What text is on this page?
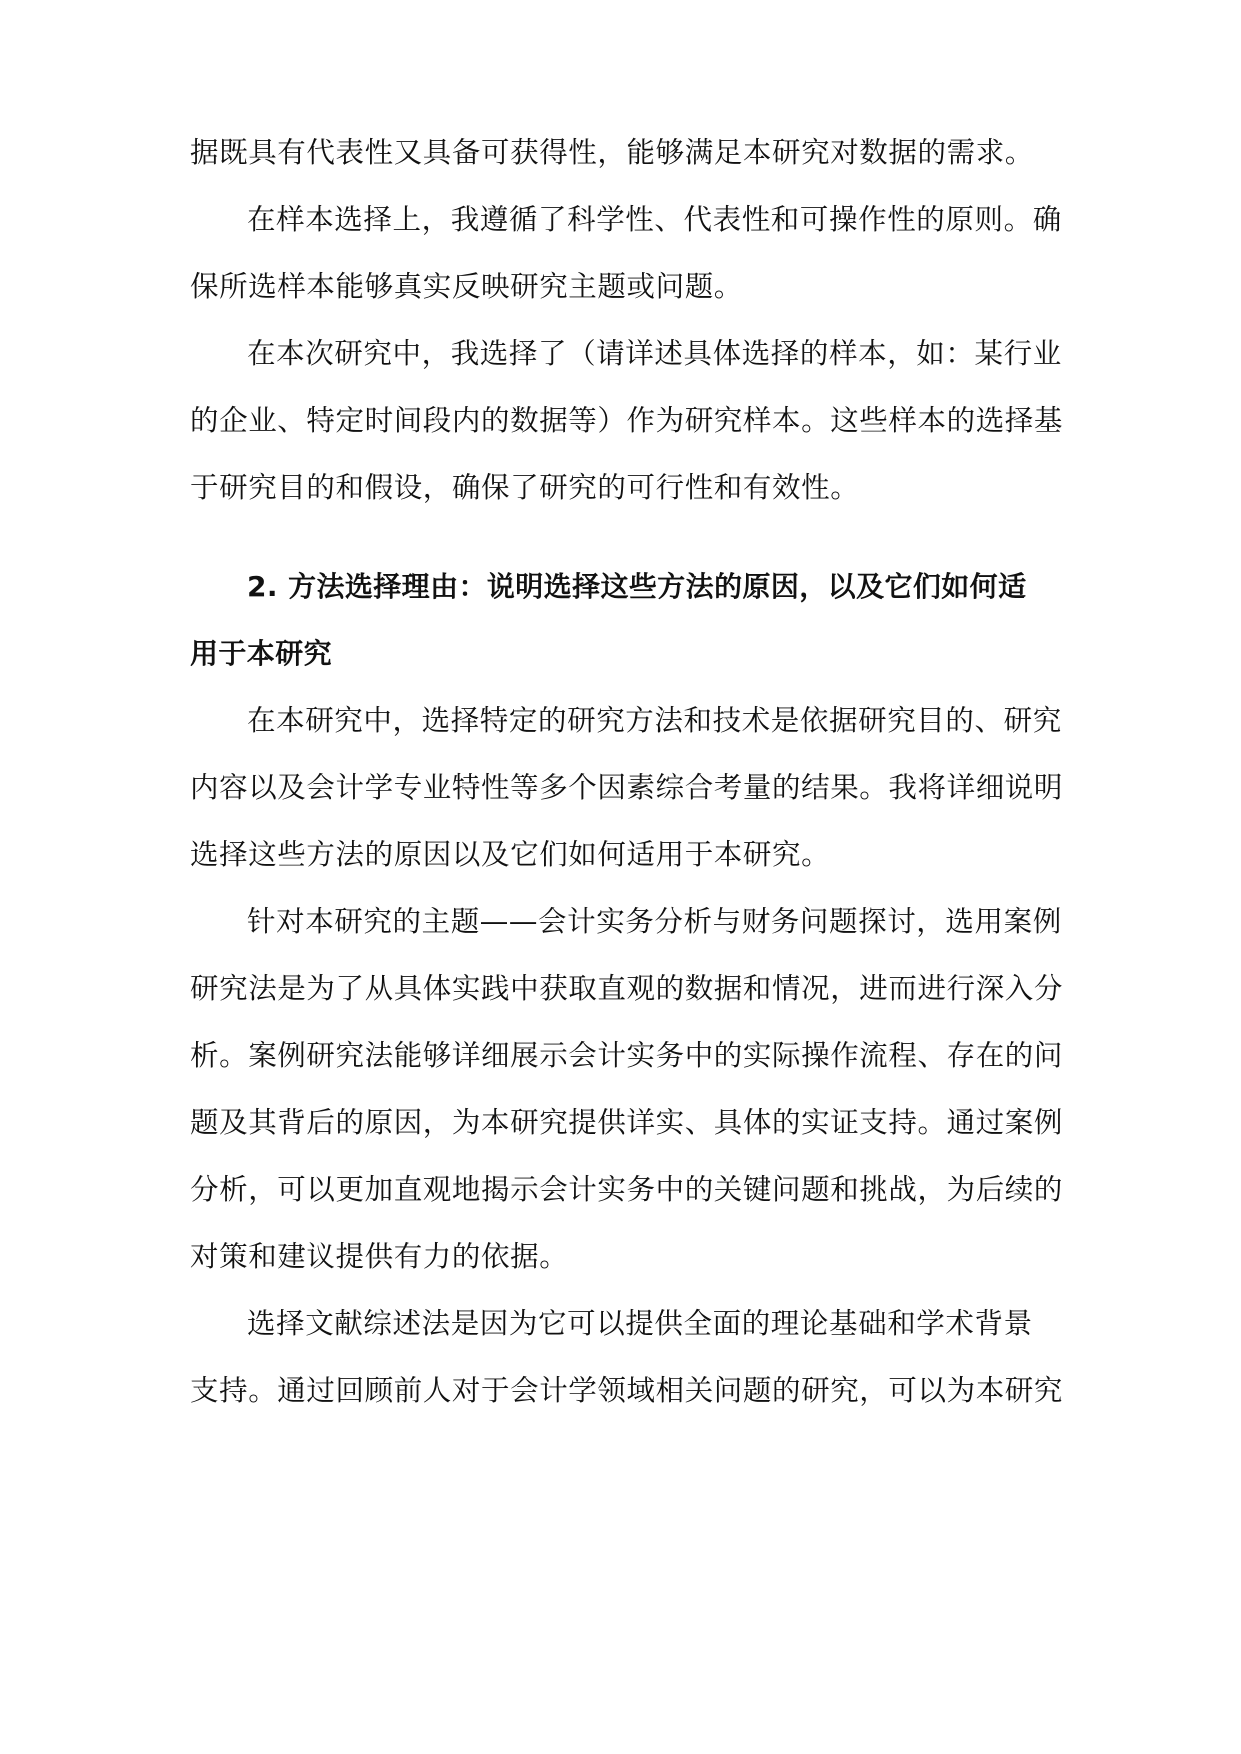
据既具有代表性又具备可获得性，能够满足本研究对数据的需求。
在样本选择上，我遵循了科学性、代表性和可操作性的原则。确
保所选样本能够真实反映研究主题或问题。
在本次研究中，我选择了（请详述具体选择的样本，如：某行业
的企业、特定时间段内的数据等）作为研究样本。这些样本的选择基
于研究目的和假设，确保了研究的可行性和有效性。
2. 方法选择理由：说明选择这些方法的原因，以及它们如何适
用于本研究
在本研究中，选择特定的研究方法和技术是依据研究目的、研究
内容以及会计学专业特性等多个因素综合考量的结果。我将详细说明
选择这些方法的原因以及它们如何适用于本研究。
针对本研究的主题——会计实务分析与财务问题探讨，选用案例
研究法是为了从具体实践中获取直观的数据和情况，进而进行深入分
析。案例研究法能够详细展示会计实务中的实际操作流程、存在的问
题及其背后的原因，为本研究提供详实、具体的实证支持。通过案例
分析，可以更加直观地揭示会计实务中的关键问题和挑战，为后续的
对策和建议提供有力的依据。
选择文献综述法是因为它可以提供全面的理论基础和学术背景
支持。通过回顾前人对于会计学领域相关问题的研究，可以为本研究
